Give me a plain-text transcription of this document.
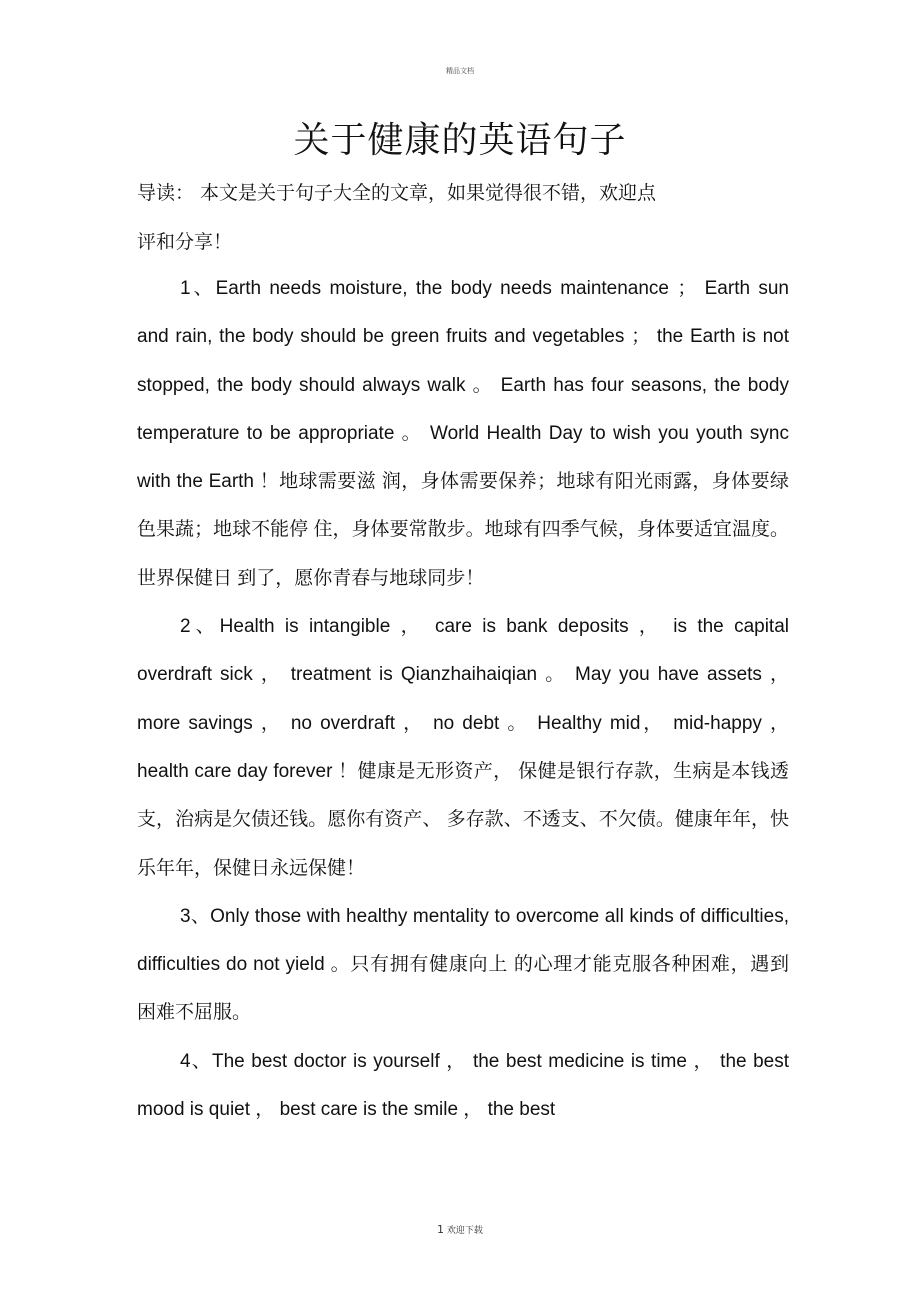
精品文档
关于健康的英语句子
导读： 本文是关于句子大全的文章，如果觉得很不错，欢迎点
评和分享！

1、Earth needs moisture, the body needs maintenance ； Earth sun and rain, the body should be green fruits and vegetables ； the Earth is not stopped, the body should always walk 。 Earth has four seasons, the body temperature to be appropriate 。 World Health Day to wish you youth sync with the Earth ！地球需要滋 润，身体需要保养；地球有阳光雨露，身体要绿色果蔬；地球不能停 住，身体要常散步。地球有四季气候，身体要适宜温度。世界保健日 到了，愿你青春与地球同步！

2、Health is intangible ， care is bank deposits ， is the capital overdraft sick ， treatment is Qianzhaihaiqian 。 May you have assets ， more savings ， no overdraft ， no debt 。 Healthy mid， mid-happy ， health care day forever ！健康是无形资产， 保健是银行存款，生病是本钱透支，治病是欠债还钱。愿你有资产、 多存款、不透支、不欠债。健康年年，快乐年年，保健日永远保健！

3、Only those with healthy mentality to overcome all kinds of difficulties, difficulties do not yield 。只有拥有健康向上 的心理才能克服各种困难，遇到困难不屈服。

4、The best doctor is yourself ， the best medicine is time ， the best mood is quiet ， best care is the smile ， the best

1 欢迎下载
